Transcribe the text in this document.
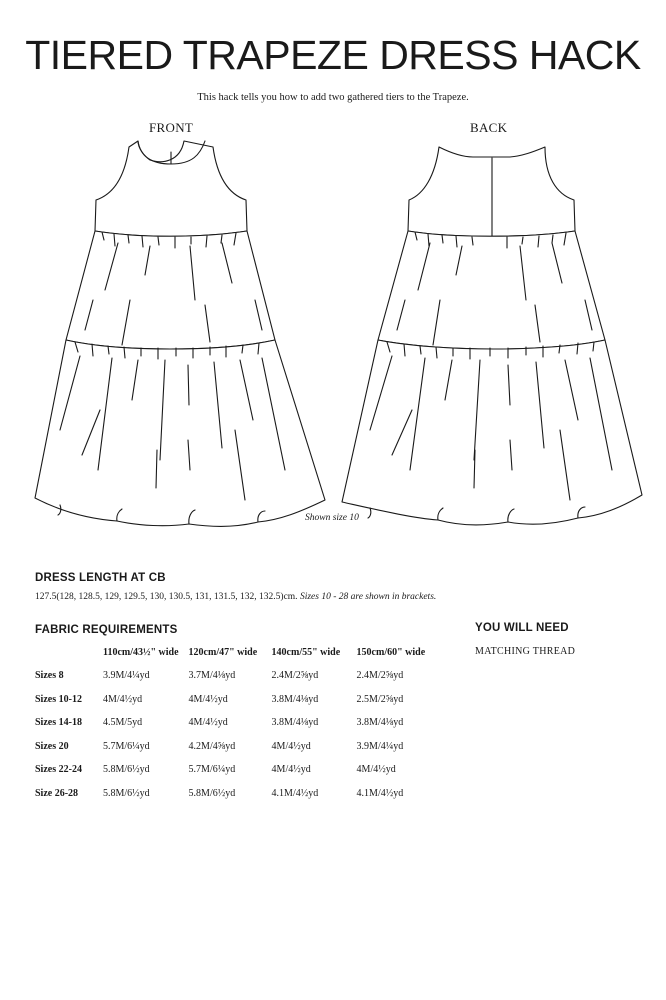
TIERED TRAPEZE DRESS HACK
This hack tells you how to add two gathered tiers to the Trapeze.
FRONT	BACK
Shown size 10
DRESS LENGTH AT CB
127.5(128, 128.5, 129, 129.5, 130, 130.5, 131, 131.5, 132, 132.5)cm. Sizes 10 - 28 are shown in brackets.
FABRIC REQUIREMENTS	YOU WILL NEED
MATCHING THREAD
	110cm/43½" wide	120cm/47" wide	140cm/55" wide	150cm/60" wide
Sizes 8	3.9M/4¼yd	3.7M/4⅛yd	2.4M/2⅝yd	2.4M/2⅝yd
Sizes 10-12	4M/4½yd	4M/4½yd	3.8M/4⅛yd	2.5M/2⅝yd
Sizes 14-18	4.5M/5yd	4M/4½yd	3.8M/4⅛yd	3.8M/4⅛yd
Sizes 20	5.7M/6¼yd	4.2M/4⅝yd	4M/4½yd	3.9M/4¼yd
Sizes 22-24	5.8M/6½yd	5.7M/6¼yd	4M/4½yd	4M/4½yd
Size 26-28	5.8M/6½yd	5.8M/6½yd	4.1M/4½yd	4.1M/4½yd
